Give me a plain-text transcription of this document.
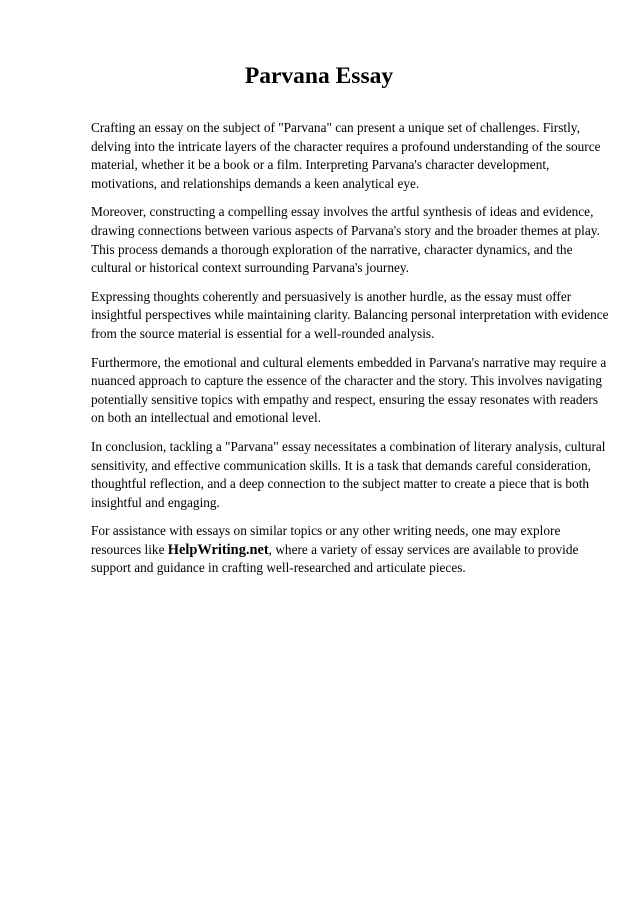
Parvana Essay

Crafting an essay on the subject of "Parvana" can present a unique set of challenges. Firstly,
delving into the intricate layers of the character requires a profound understanding of the source
material, whether it be a book or a film. Interpreting Parvana's character development,
motivations, and relationships demands a keen analytical eye.

Moreover, constructing a compelling essay involves the artful synthesis of ideas and evidence,
drawing connections between various aspects of Parvana's story and the broader themes at play.
This process demands a thorough exploration of the narrative, character dynamics, and the
cultural or historical context surrounding Parvana's journey.

Expressing thoughts coherently and persuasively is another hurdle, as the essay must offer
insightful perspectives while maintaining clarity. Balancing personal interpretation with evidence
from the source material is essential for a well-rounded analysis.

Furthermore, the emotional and cultural elements embedded in Parvana's narrative may require a
nuanced approach to capture the essence of the character and the story. This involves navigating
potentially sensitive topics with empathy and respect, ensuring the essay resonates with readers
on both an intellectual and emotional level.

In conclusion, tackling a "Parvana" essay necessitates a combination of literary analysis, cultural
sensitivity, and effective communication skills. It is a task that demands careful consideration,
thoughtful reflection, and a deep connection to the subject matter to create a piece that is both
insightful and engaging.

For assistance with essays on similar topics or any other writing needs, one may explore
resources like HelpWriting.net, where a variety of essay services are available to provide
support and guidance in crafting well-researched and articulate pieces.
